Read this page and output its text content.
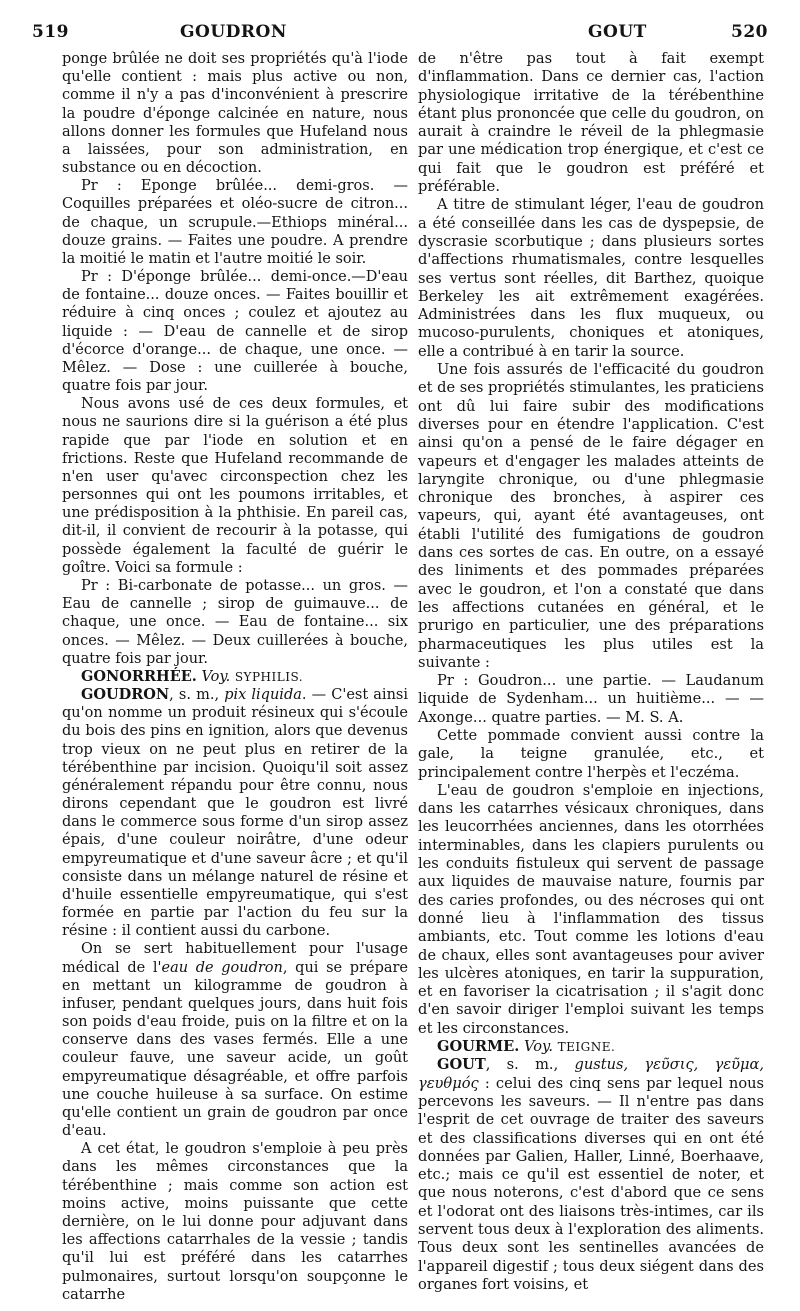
519	GOUDRON	GOUT	520

ponge brûlée ne doit ses propriétés qu'à l'iode qu'elle contient : mais plus active ou non, comme il n'y a pas d'inconvénient à prescrire la poudre d'éponge calcinée en nature, nous allons donner les formules que Hufeland nous a laissées, pour son administration, en substance ou en décoction.

Pr : Eponge brûlée... demi-gros. — Coquilles préparées et oléo-sucre de citron... de chaque, un scrupule.—Ethiops minéral... douze grains. — Faites une poudre. A prendre la moitié le matin et l'autre moitié le soir.

Pr : D'éponge brûlée... demi-once.—D'eau de fontaine... douze onces. — Faites bouillir et réduire à cinq onces ; coulez et ajoutez au liquide : — D'eau de cannelle et de sirop d'écorce d'orange... de chaque, une once. — Mêlez. — Dose : une cuillerée à bouche, quatre fois par jour.

Nous avons usé de ces deux formules, et nous ne saurions dire si la guérison a été plus rapide que par l'iode en solution et en frictions. Reste que Hufeland recommande de n'en user qu'avec circonspection chez les personnes qui ont les poumons irritables, et une prédisposition à la phthisie. En pareil cas, dit-il, il convient de recourir à la potasse, qui possède également la faculté de guérir le goître. Voici sa formule :

Pr : Bi-carbonate de potasse... un gros. — Eau de cannelle ; sirop de guimauve... de chaque, une once. — Eau de fontaine... six onces. — Mêlez. — Deux cuillerées à bouche, quatre fois par jour.

GONORRHÉE. Voy. SYPHILIS.

GOUDRON, s. m., pix liquida. — C'est ainsi qu'on nomme un produit résineux qui s'écoule du bois des pins en ignition, alors que devenus trop vieux on ne peut plus en retirer de la térébenthine par incision. Quoiqu'il soit assez généralement répandu pour être connu, nous dirons cependant que le goudron est livré dans le commerce sous forme d'un sirop assez épais, d'une couleur noirâtre, d'une odeur empyreumatique et d'une saveur âcre ; et qu'il consiste dans un mélange naturel de résine et d'huile essentielle empyreumatique, qui s'est formée en partie par l'action du feu sur la résine : il contient aussi du carbone.

On se sert habituellement pour l'usage médical de l'eau de goudron, qui se prépare en mettant un kilogramme de goudron à infuser, pendant quelques jours, dans huit fois son poids d'eau froide, puis on la filtre et on la conserve dans des vases fermés. Elle a une couleur fauve, une saveur acide, un goût empyreumatique désagréable, et offre parfois une couche huileuse à sa surface. On estime qu'elle contient un grain de goudron par once d'eau.

A cet état, le goudron s'emploie à peu près dans les mêmes circonstances que la térébenthine ; mais comme son action est moins active, moins puissante que cette dernière, on le lui donne pour adjuvant dans les affections catarrhales de la vessie ; tandis qu'il lui est préféré dans les catarrhes pulmonaires, surtout lorsqu'on soupçonne le catarrhe

de n'être pas tout à fait exempt d'inflammation. Dans ce dernier cas, l'action physiologique irritative de la térébenthine étant plus prononcée que celle du goudron, on aurait à craindre le réveil de la phlegmasie par une médication trop énergique, et c'est ce qui fait que le goudron est préféré et préférable.

A titre de stimulant léger, l'eau de goudron a été conseillée dans les cas de dyspepsie, de dyscrasie scorbutique ; dans plusieurs sortes d'affections rhumatismales, contre lesquelles ses vertus sont réelles, dit Barthez, quoique Berkeley les ait extrêmement exagérées. Administrées dans les flux muqueux, ou mucoso-purulents, choniques et atoniques, elle a contribué à en tarir la source.

Une fois assurés de l'efficacité du goudron et de ses propriétés stimulantes, les praticiens ont dû lui faire subir des modifications diverses pour en étendre l'application. C'est ainsi qu'on a pensé de le faire dégager en vapeurs et d'engager les malades atteints de laryngite chronique, ou d'une phlegmasie chronique des bronches, à aspirer ces vapeurs, qui, ayant été avantageuses, ont établi l'utilité des fumigations de goudron dans ces sortes de cas. En outre, on a essayé des liniments et des pommades préparées avec le goudron, et l'on a constaté que dans les affections cutanées en général, et le prurigo en particulier, une des préparations pharmaceutiques les plus utiles est la suivante :

Pr : Goudron... une partie. — Laudanum liquide de Sydenham... un huitième... — — Axonge... quatre parties. — M. S. A.

Cette pommade convient aussi contre la gale, la teigne granulée, etc., et principalement contre l'herpès et l'eczéma.

L'eau de goudron s'emploie en injections, dans les catarrhes vésicaux chroniques, dans les leucorrhées anciennes, dans les otorrhées interminables, dans les clapiers purulents ou les conduits fistuleux qui servent de passage aux liquides de mauvaise nature, fournis par des caries profondes, ou des nécroses qui ont donné lieu à l'inflammation des tissus ambiants, etc. Tout comme les lotions d'eau de chaux, elles sont avantageuses pour aviver les ulcères atoniques, en tarir la suppuration, et en favoriser la cicatrisation ; il s'agit donc d'en savoir diriger l'emploi suivant les temps et les circonstances.

GOURME. Voy. TEIGNE.

GOUT, s. m., gustus, γεῦσις, γεῦμα, γευθμός : celui des cinq sens par lequel nous percevons les saveurs. — Il n'entre pas dans l'esprit de cet ouvrage de traiter des saveurs et des classifications diverses qui en ont été données par Galien, Haller, Linné, Boerhaave, etc.; mais ce qu'il est essentiel de noter, et que nous noterons, c'est d'abord que ce sens et l'odorat ont des liaisons très-intimes, car ils servent tous deux à l'exploration des aliments. Tous deux sont les sentinelles avancées de l'appareil digestif ; tous deux siégent dans des organes fort voisins, et
